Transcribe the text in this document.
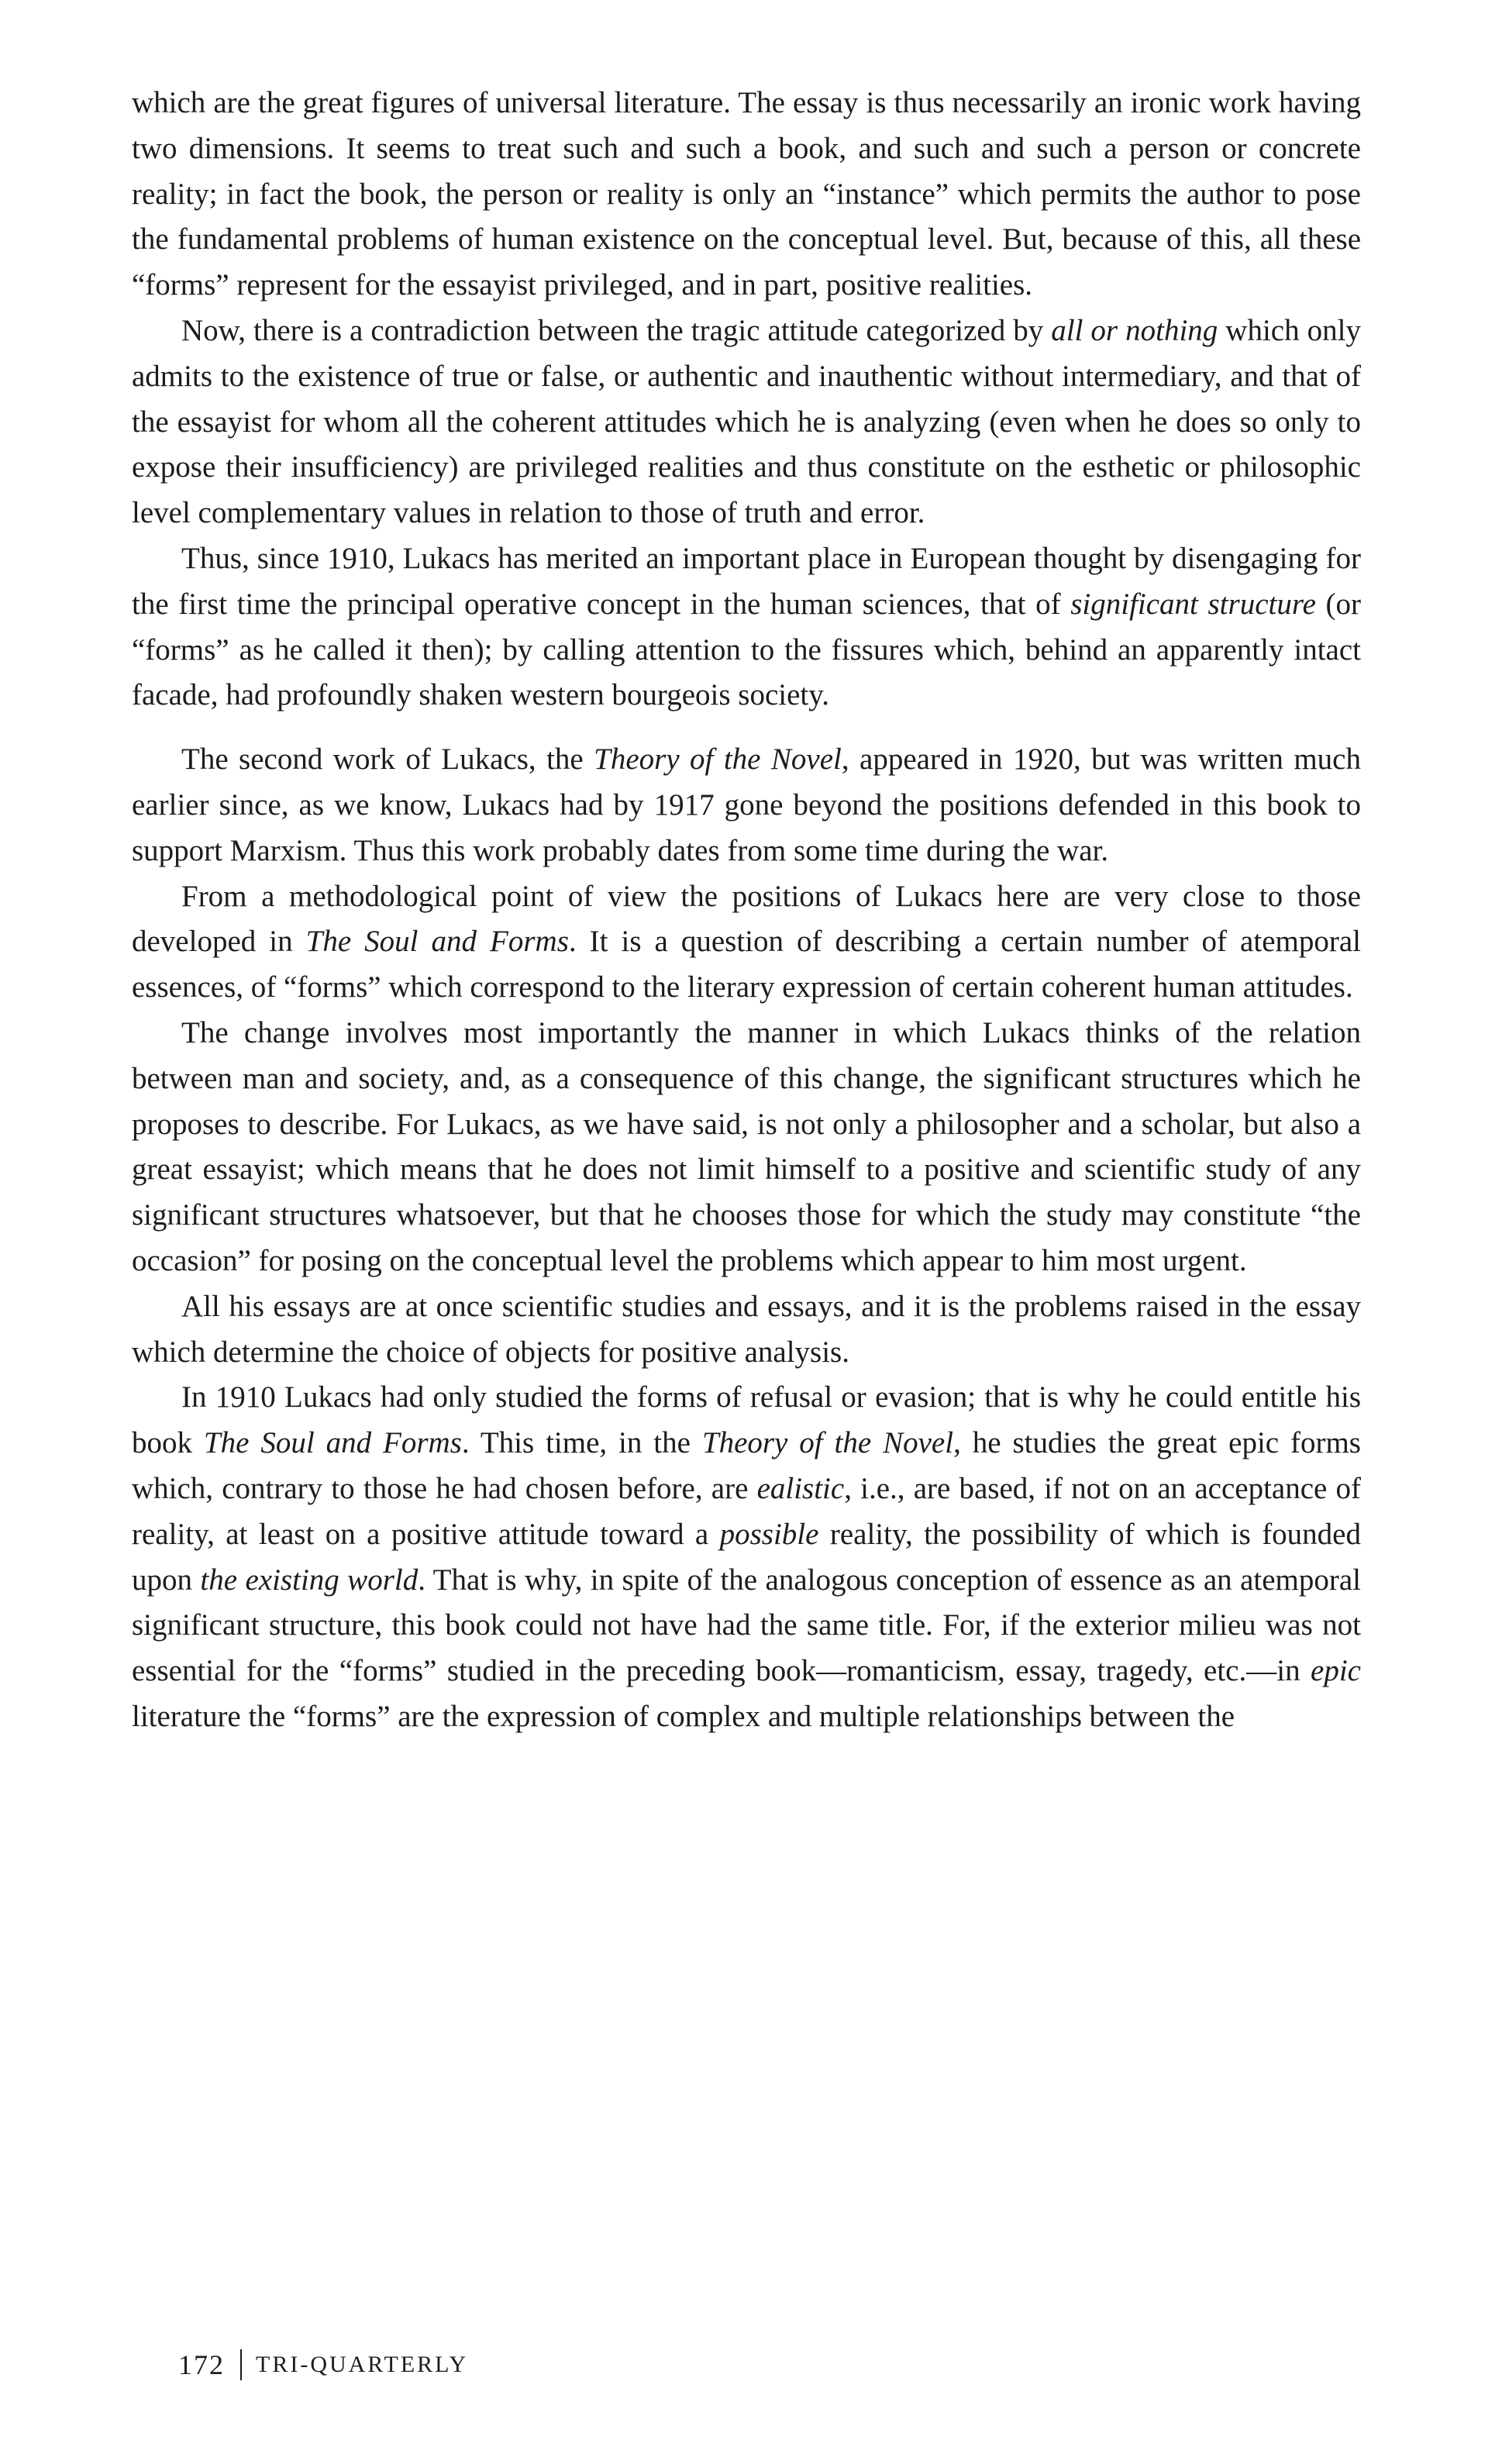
which are the great figures of universal literature. The essay is thus necessarily an ironic work having two dimensions. It seems to treat such and such a book, and such and such a person or concrete reality; in fact the book, the person or reality is only an “instance” which permits the author to pose the fundamental problems of human existence on the conceptual level. But, because of this, all these “forms” represent for the essayist privileged, and in part, positive realities.

Now, there is a contradiction between the tragic attitude categorized by all or nothing which only admits to the existence of true or false, or authentic and inauthentic without intermediary, and that of the essayist for whom all the coherent attitudes which he is analyzing (even when he does so only to expose their insufficiency) are privileged realities and thus constitute on the esthetic or philosophic level complementary values in relation to those of truth and error.

Thus, since 1910, Lukacs has merited an important place in European thought by disengaging for the first time the principal operative concept in the human sciences, that of significant structure (or “forms” as he called it then); by calling attention to the fissures which, behind an apparently intact facade, had profoundly shaken western bourgeois society.

The second work of Lukacs, the Theory of the Novel, appeared in 1920, but was written much earlier since, as we know, Lukacs had by 1917 gone beyond the positions defended in this book to support Marxism. Thus this work probably dates from some time during the war.

From a methodological point of view the positions of Lukacs here are very close to those developed in The Soul and Forms. It is a question of describing a certain number of atemporal essences, of “forms” which correspond to the literary expression of certain coherent human attitudes.

The change involves most importantly the manner in which Lukacs thinks of the relation between man and society, and, as a consequence of this change, the significant structures which he proposes to describe. For Lukacs, as we have said, is not only a philosopher and a scholar, but also a great essayist; which means that he does not limit himself to a positive and scientific study of any significant structures whatsoever, but that he chooses those for which the study may constitute “the occasion” for posing on the conceptual level the problems which appear to him most urgent.

All his essays are at once scientific studies and essays, and it is the problems raised in the essay which determine the choice of objects for positive analysis.

In 1910 Lukacs had only studied the forms of refusal or evasion; that is why he could entitle his book The Soul and Forms. This time, in the Theory of the Novel, he studies the great epic forms which, contrary to those he had chosen before, are ealistic, i.e., are based, if not on an acceptance of reality, at least on a positive attitude toward a possible reality, the possibility of which is founded upon the existing world. That is why, in spite of the analogous conception of essence as an atemporal significant structure, this book could not have had the same title. For, if the exterior milieu was not essential for the “forms” studied in the preceding book—romanticism, essay, tragedy, etc.—in epic literature the “forms” are the expression of complex and multiple relationships between the

172 TRI-QUARTERLY
